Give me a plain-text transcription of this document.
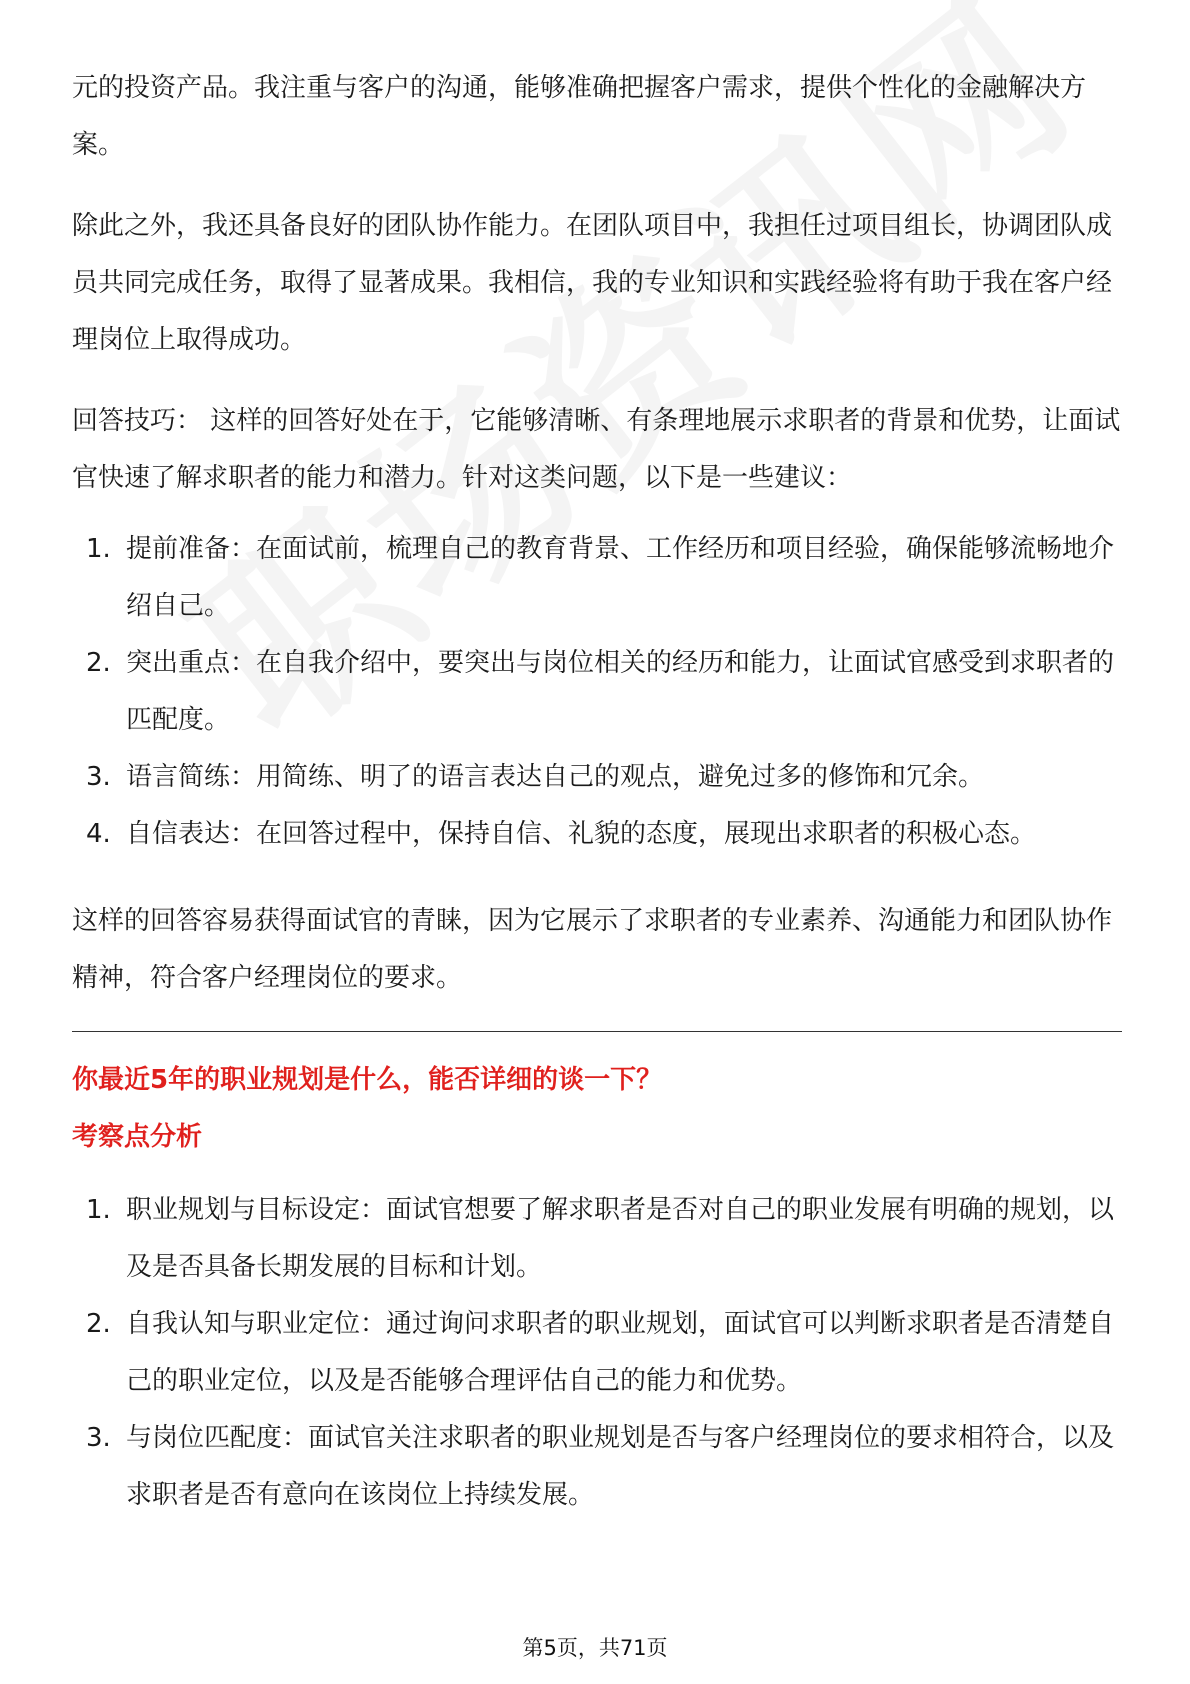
元的投资产品。我注重与客户的沟通，能够准确把握客户需求，提供个性化的金融解决方案。

除此之外，我还具备良好的团队协作能力。在团队项目中，我担任过项目组长，协调团队成员共同完成任务，取得了显著成果。我相信，我的专业知识和实践经验将有助于我在客户经理岗位上取得成功。

回答技巧： 这样的回答好处在于，它能够清晰、有条理地展示求职者的背景和优势，让面试官快速了解求职者的能力和潜力。针对这类问题，以下是一些建议：

1. 提前准备：在面试前，梳理自己的教育背景、工作经历和项目经验，确保能够流畅地介绍自己。
2. 突出重点：在自我介绍中，要突出与岗位相关的经历和能力，让面试官感受到求职者的匹配度。
3. 语言简练：用简练、明了的语言表达自己的观点，避免过多的修饰和冗余。
4. 自信表达：在回答过程中，保持自信、礼貌的态度，展现出求职者的积极心态。

这样的回答容易获得面试官的青睐，因为它展示了求职者的专业素养、沟通能力和团队协作精神，符合客户经理岗位的要求。

你最近5年的职业规划是什么，能否详细的谈一下？

考察点分析

1. 职业规划与目标设定：面试官想要了解求职者是否对自己的职业发展有明确的规划，以及是否具备长期发展的目标和计划。
2. 自我认知与职业定位：通过询问求职者的职业规划，面试官可以判断求职者是否清楚自己的职业定位，以及是否能够合理评估自己的能力和优势。
3. 与岗位匹配度：面试官关注求职者的职业规划是否与客户经理岗位的要求相符合，以及求职者是否有意向在该岗位上持续发展。
第5页，共71页
